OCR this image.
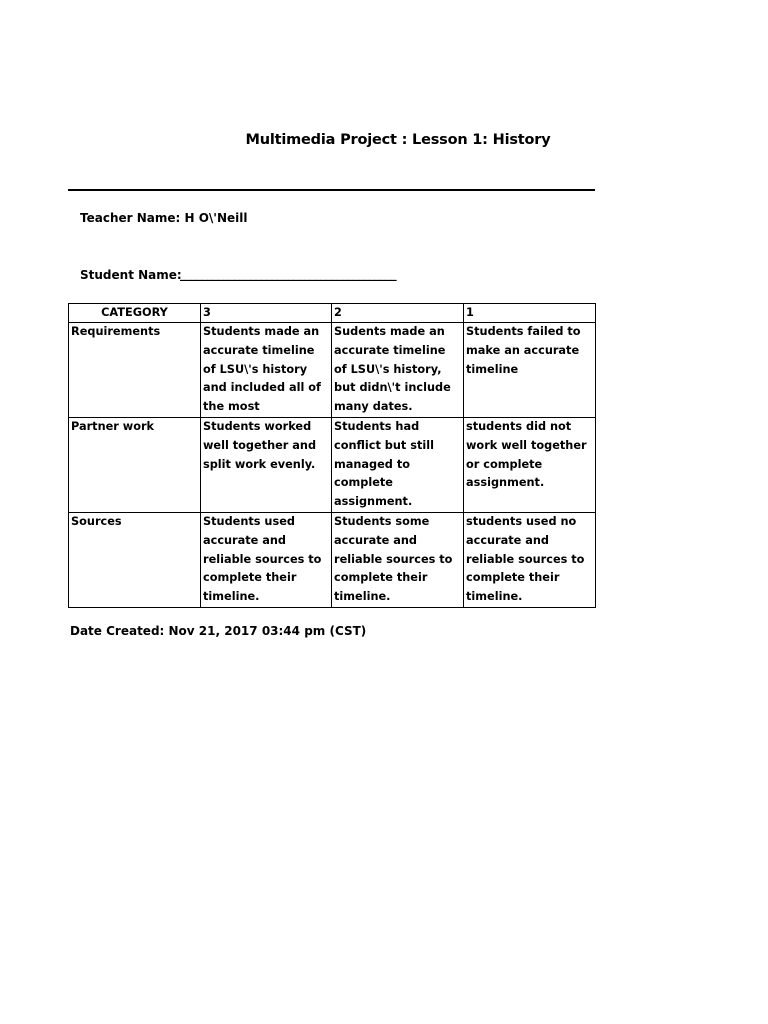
Multimedia Project : Lesson 1: History
Teacher Name: H O\'Neill
Student Name:
________________________________________
CATEGORY	3	2	1
Requirements	Students made an accurate timeline of LSU\'s history and included all of the most	Sudents made an accurate timeline of LSU\'s history, but didn\'t include many dates.	Students failed to make an accurate timeline

Partner work	Students worked well together and split work evenly.	Students had conflict but still managed to complete assignment.	students did not work well together or complete assignment.

Sources	Students used accurate and reliable sources to complete their timeline.	Students some accurate and reliable sources to complete their timeline.	students used no accurate and reliable sources to complete their timeline.
Date Created: Nov 21, 2017 03:44 pm (CST)
